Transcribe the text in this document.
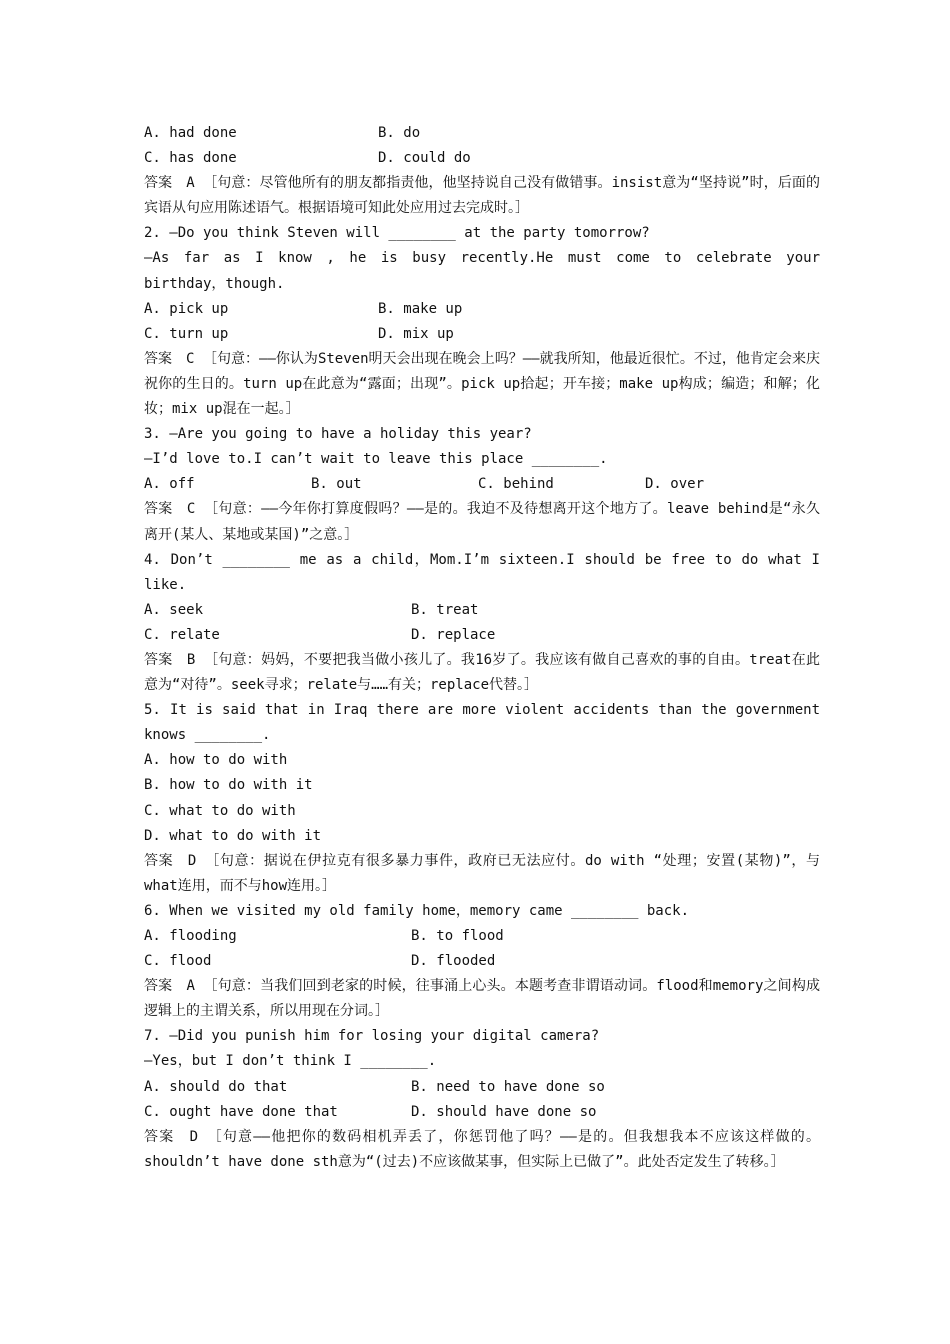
A. had done	B. do
C. has done	D. could do
答案　A ［句意：尽管他所有的朋友都指责他，他坚持说自己没有做错事。insist意为“坚持说”时，后面的宾语从句应用陈述语气。根据语境可知此处应用过去完成时。］
2. —Do you think Steven will ________ at the party tomorrow?
—As far as I know , he is busy recently.He must come to celebrate your birthday，though.
A. pick up	B. make up
C. turn up	D. mix up
答案　C ［句意：——你认为Steven明天会出现在晚会上吗？——就我所知，他最近很忙。不过，他肯定会来庆祝你的生日的。turn up在此意为“露面；出现”。pick up拾起；开车接；make up构成；编造；和解；化妆；mix up混在一起。］
3. —Are you going to have a holiday this year?
—I’d love to.I can’t wait to leave this place ________.
A. off	B. out	C. behind	D. over
答案　C ［句意：——今年你打算度假吗？——是的。我迫不及待想离开这个地方了。leave behind是“永久离开(某人、某地或某国)”之意。］
4. Don’t ________ me as a child，Mom.I’m sixteen.I should be free to do what I like.
A. seek	B. treat
C. relate	D. replace
答案　B ［句意：妈妈，不要把我当做小孩儿了。我16岁了。我应该有做自己喜欢的事的自由。treat在此意为“对待”。seek寻求；relate与……有关；replace代替。］
5. It is said that in Iraq there are more violent accidents than the government knows ________.
A. how to do with
B. how to do with it
C. what to do with
D. what to do with it
答案　D ［句意：据说在伊拉克有很多暴力事件，政府已无法应付。do with “处理；安置(某物)”，与what连用，而不与how连用。］
6. When we visited my old family home，memory came ________ back.
A. flooding	B. to flood
C. flood	D. flooded
答案　A ［句意：当我们回到老家的时候，往事涌上心头。本题考查非谓语动词。flood和memory之间构成逻辑上的主谓关系，所以用现在分词。］
7. —Did you punish him for losing your digital camera?
—Yes，but I don’t think I ________.
A. should do that	B. need to have done so
C. ought have done that	D. should have done so
答案　D ［句意——他把你的数码相机弄丢了，你惩罚他了吗？——是的。但我想我本不应该这样做的。shouldn’t have done sth意为“(过去)不应该做某事，但实际上已做了”。此处否定发生了转移。］
